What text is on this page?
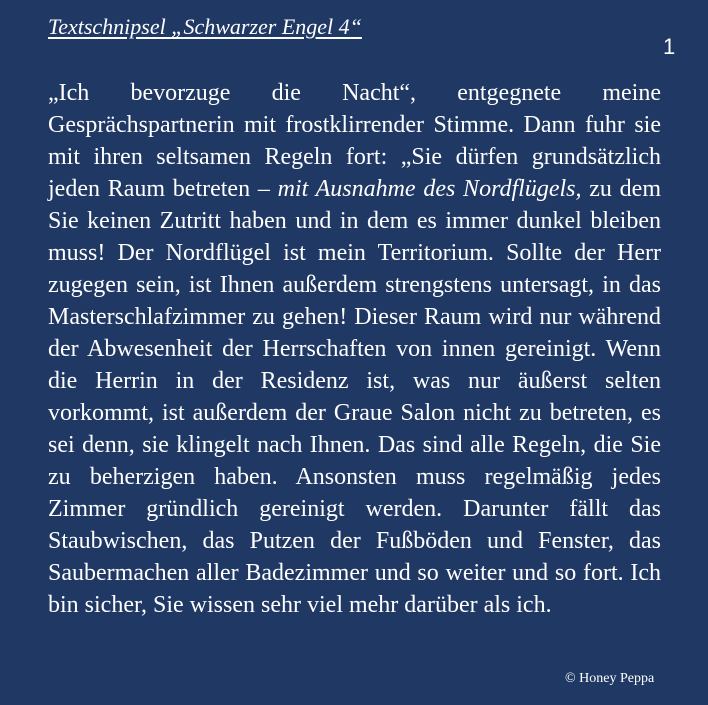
Textschnipsel „Schwarzer Engel 4“
1

„Ich bevorzuge die Nacht“, entgegnete meine Gesprächspartnerin mit frostklirrender Stimme. Dann fuhr sie mit ihren seltsamen Regeln fort: „Sie dürfen grundsätzlich jeden Raum betreten – mit Ausnahme des Nordflügels, zu dem Sie keinen Zutritt haben und in dem es immer dunkel bleiben muss! Der Nordflügel ist mein Territorium. Sollte der Herr zugegen sein, ist Ihnen außerdem strengstens untersagt, in das Masterschlafzimmer zu gehen! Dieser Raum wird nur während der Abwesenheit der Herrschaften von innen gereinigt. Wenn die Herrin in der Residenz ist, was nur äußerst selten vorkommt, ist außerdem der Graue Salon nicht zu betreten, es sei denn, sie klingelt nach Ihnen. Das sind alle Regeln, die Sie zu beherzigen haben. Ansonsten muss regelmäßig jedes Zimmer gründlich gereinigt werden. Darunter fällt das Staubwischen, das Putzen der Fußböden und Fenster, das Saubermachen aller Badezimmer und so weiter und so fort. Ich bin sicher, Sie wissen sehr viel mehr darüber als ich.

© Honey Peppa
